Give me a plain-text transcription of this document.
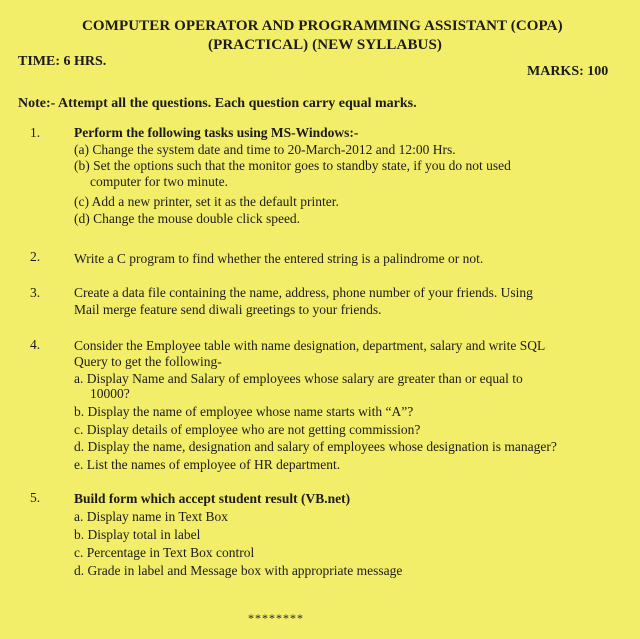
COMPUTER OPERATOR AND PROGRAMMING ASSISTANT (COPA)
(PRACTICAL) (NEW SYLLABUS)
TIME: 6 HRS.
MARKS: 100
Note:- Attempt all the questions. Each question carry equal marks.
1.	Perform the following tasks using MS-Windows:-
(a) Change the system date and time to 20-March-2012 and 12:00 Hrs.
(b) Set the options such that the monitor goes to standby state, if you do not used
computer for two minute.
(c) Add a new printer, set it as the default printer.
(d) Change the mouse double click speed.
2.	Write a C program to find whether the entered string is a palindrome or not.
3.	Create a data file containing the name, address, phone number of your friends. Using
Mail merge feature send diwali greetings to your friends.
4.	Consider the Employee table with name designation, department, salary and write SQL
Query to get the following-
a. Display Name and Salary of employees whose salary are greater than or equal to
10000?
b. Display the name of employee whose name starts with “A”?
c. Display details of employee who are not getting commission?
d. Display the name, designation and salary of employees whose designation is manager?
e. List the names of employee of HR department.
5.	Build form which accept student result (VB.net)
a. Display name in Text Box
b. Display total in label
c. Percentage in Text Box control
d. Grade in label and Message box with appropriate message
********
